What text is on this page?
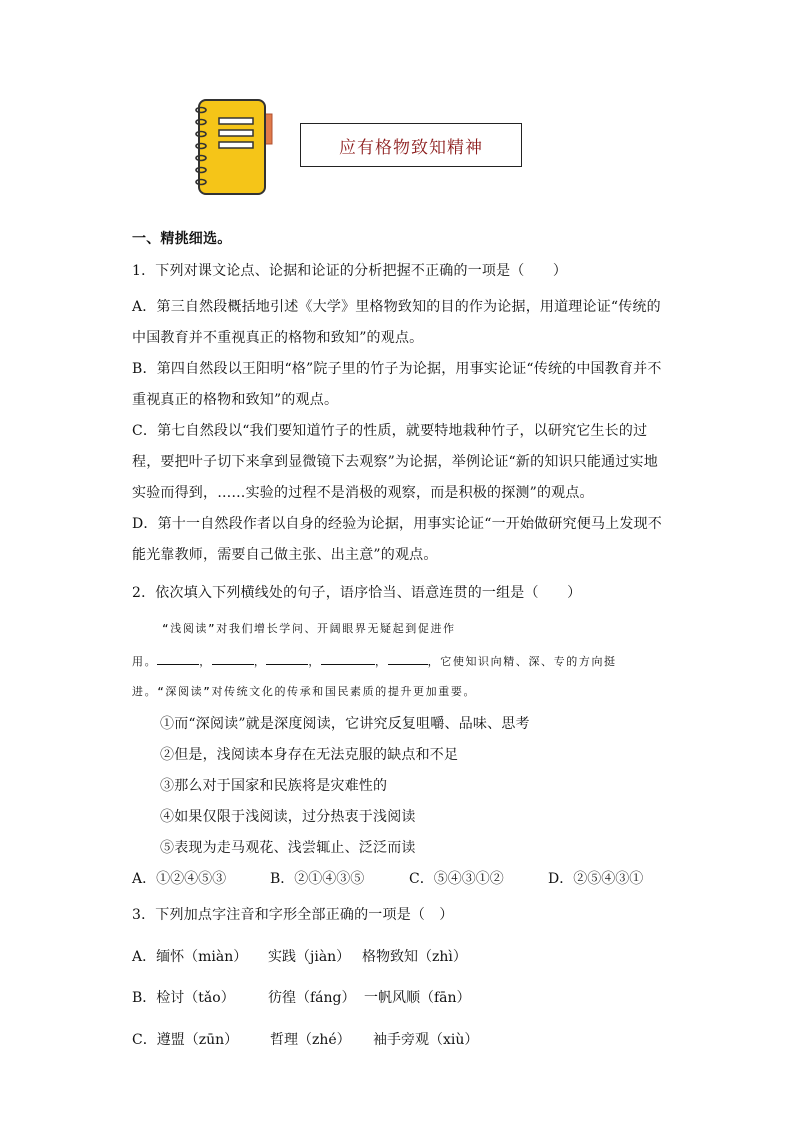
应有格物致知精神
一、精挑细选。
1．下列对课文论点、论据和论证的分析把握不正确的一项是（　　）
A．第三自然段概括地引述《大学》里格物致知的目的作为论据，用道理论证“传统的
中国教育并不重视真正的格物和致知”的观点。
B．第四自然段以王阳明“格”院子里的竹子为论据，用事实论证“传统的中国教育并不
重视真正的格物和致知”的观点。
C．第七自然段以“我们要知道竹子的性质，就要特地栽种竹子，以研究它生长的过
程，要把叶子切下来拿到显微镜下去观察”为论据，举例论证“新的知识只能通过实地
实验而得到，……实验的过程不是消极的观察，而是积极的探测”的观点。
D．第十一自然段作者以自身的经验为论据，用事实论证“一开始做研究便马上发现不
能光靠教师，需要自己做主张、出主意”的观点。
2．依次填入下列横线处的句子，语序恰当、语意连贯的一组是（　　）
“浅阅读”对我们增长学问、开阔眼界无疑起到促进作
用。	，	，	，	，	，它使知识向精、深、专的方向挺
进。“深阅读”对传统文化的传承和国民素质的提升更加重要。
①而“深阅读”就是深度阅读，它讲究反复咀嚼、品味、思考
②但是，浅阅读本身存在无法克服的缺点和不足
③那么对于国家和民族将是灾难性的
④如果仅限于浅阅读，过分热衷于浅阅读
⑤表现为走马观花、浅尝辄止、泛泛而读
A．①②④⑤③	B．②①④③⑤	C．⑤④③①②	D．②⑤④③①
3．下列加点字注音和字形全部正确的一项是（　）
A．缅怀（miàn） 实践（jiàn） 格物致知（zhì）
B．检讨（tǎo） 彷徨（fáng） 一帆风顺（fān）
C．遵盟（zūn） 哲理（zhé） 袖手旁观（xiù）
